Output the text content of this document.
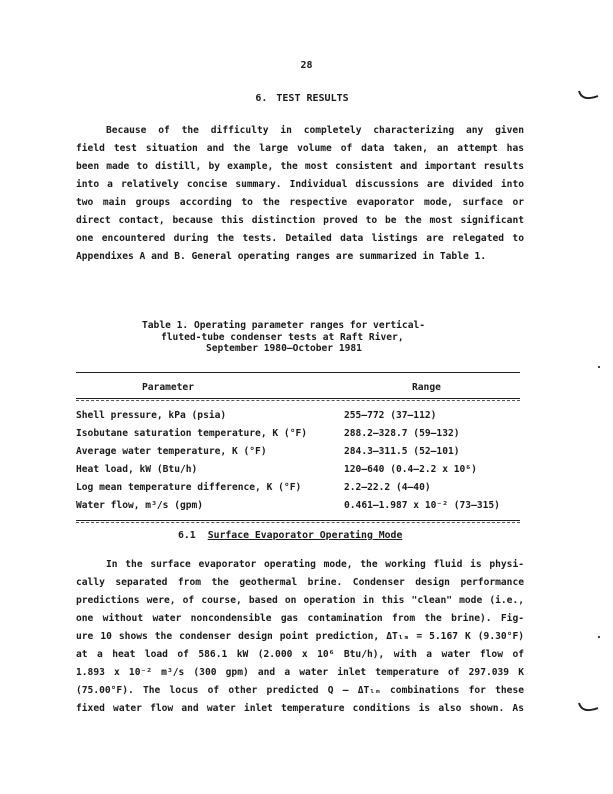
28
6. TEST RESULTS
Because of the difficulty in completely characterizing any given
field test situation and the large volume of data taken, an attempt has
been made to distill, by example, the most consistent and important results
into a relatively concise summary. Individual discussions are divided into
two main groups according to the respective evaporator mode, surface or
direct contact, because this distinction proved to be the most significant
one encountered during the tests. Detailed data listings are relegated to
Appendixes A and B. General operating ranges are summarized in Table 1.
Table 1. Operating parameter ranges for vertical-
fluted-tube condenser tests at Raft River,
September 1980–October 1981
Parameter	Range
Shell pressure, kPa (psia)	255–772 (37–112)
Isobutane saturation temperature, K (°F)	288.2–328.7 (59–132)
Average water temperature, K (°F)	284.3–311.5 (52–101)
Heat load, kW (Btu/h)	120–640 (0.4–2.2 x 10⁶)
Log mean temperature difference, K (°F)	2.2–22.2 (4–40)
Water flow, m³/s (gpm)	0.461–1.987 x 10⁻² (73–315)
6.1 Surface Evaporator Operating Mode
In the surface evaporator operating mode, the working fluid is physi-
cally separated from the geothermal brine. Condenser design performance
predictions were, of course, based on operation in this "clean" mode (i.e.,
one without water noncondensible gas contamination from the brine). Fig-
ure 10 shows the condenser design point prediction, ΔTₗₘ = 5.167 K (9.30°F)
at a heat load of 586.1 kW (2.000 x 10⁶ Btu/h), with a water flow of
1.893 x 10⁻² m³/s (300 gpm) and a water inlet temperature of 297.039 K
(75.00°F). The locus of other predicted Q – ΔTₗₘ combinations for these
fixed water flow and water inlet temperature conditions is also shown. As
